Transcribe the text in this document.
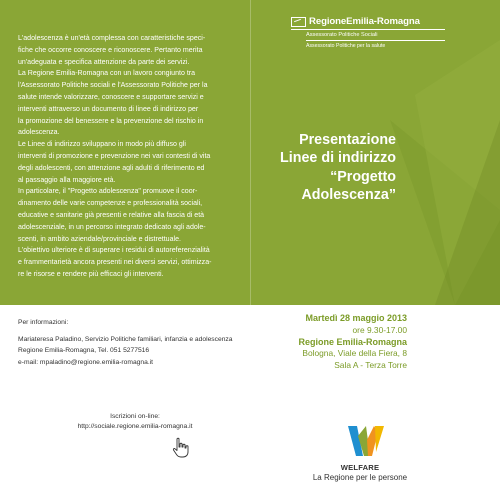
L'adolescenza è un'età complessa con caratteristiche speci-
fiche che occorre conoscere e riconoscere. Pertanto merita
un'adeguata e specifica attenzione da parte dei servizi.
La Regione Emilia-Romagna con un lavoro congiunto tra
l'Assessorato Politiche sociali e l'Assessorato Politiche per la
salute intende valorizzare, conoscere e supportare servizi e
interventi attraverso un documento di linee di indirizzo per
la promozione del benessere e la prevenzione del rischio in
adolescenza.
Le Linee di indirizzo sviluppano in modo più diffuso gli
interventi di promozione e prevenzione nei vari contesti di vita
degli adolescenti, con attenzione agli adulti di riferimento ed
al passaggio alla maggiore età.
In particolare, il "Progetto adolescenza" promuove il coor-
dinamento delle varie competenze e professionalità sociali,
educative e sanitarie già presenti e relative alla fascia di età
adolescenziale, in un percorso integrato dedicato agli adole-
scenti, in ambito aziendale/provinciale e distrettuale.
L'obiettivo ulteriore è di superare i residui di autoreferenzialità
e frammentarietà ancora presenti nei diversi servizi, ottimizza-
re le risorse e rendere più efficaci gli interventi.
RegioneEmilia-Romagna
Assessorato Politiche Sociali
Assessorato Politiche per la salute
Presentazione
Linee di indirizzo
“Progetto
Adolescenza”
Per informazioni:
Mariateresa Paladino, Servizio Politiche familiari, infanzia e adolescenza
Regione Emilia-Romagna, Tel. 051 5277516
e-mail: mpaladino@regione.emilia-romagna.it
Martedì 28 maggio 2013
ore 9.30-17.00
Regione Emilia-Romagna
Bologna, Viale della Fiera, 8
Sala A - Terza Torre
Iscrizioni on-line:
http://sociale.regione.emilia-romagna.it
WELFARE
La Regione per le persone
